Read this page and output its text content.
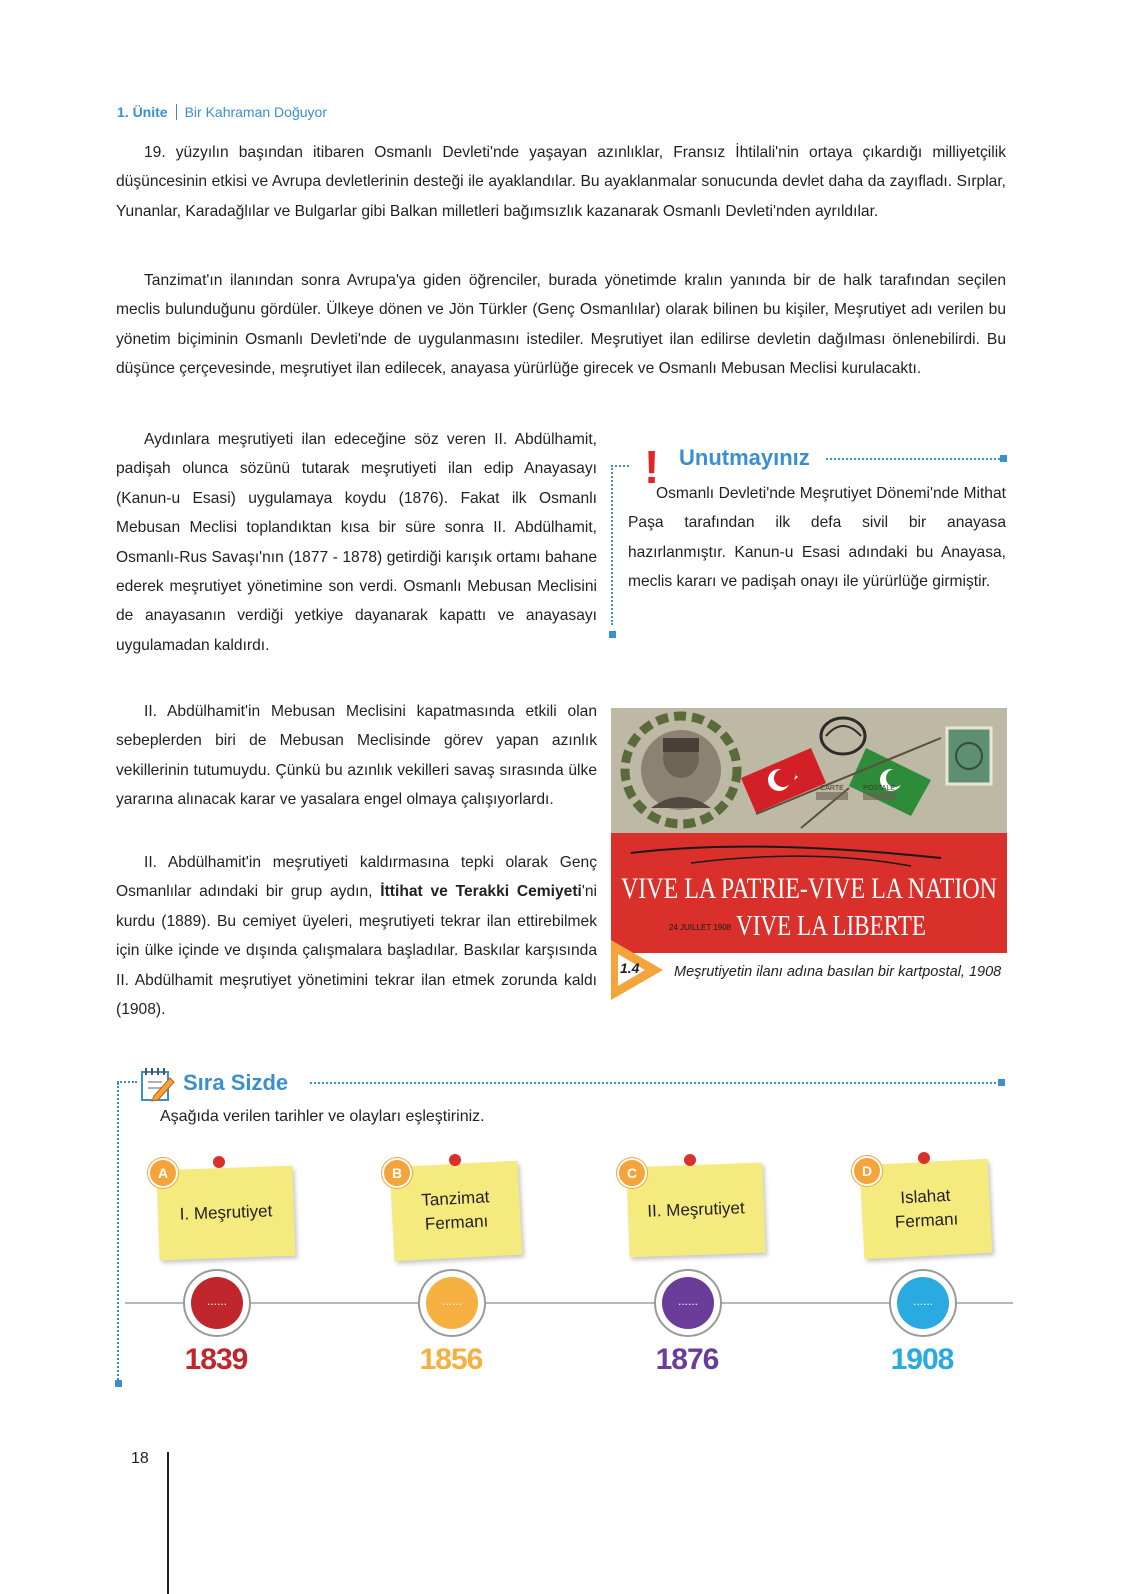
1. Ünite Bir Kahraman Doğuyor

19. yüzyılın başından itibaren Osmanlı Devleti'nde yaşayan azınlıklar, Fransız İhtilali'nin ortaya çıkardığı milliyetçilik düşüncesinin etkisi ve Avrupa devletlerinin desteği ile ayaklandılar. Bu ayaklanmalar sonucunda devlet daha da zayıfladı. Sırplar, Yunanlar, Karadağlılar ve Bulgarlar gibi Balkan milletleri bağımsızlık kazanarak Osmanlı Devleti'nden ayrıldılar.

Tanzimat'ın ilanından sonra Avrupa'ya giden öğrenciler, burada yönetimde kralın yanında bir de halk tarafından seçilen meclis bulunduğunu gördüler. Ülkeye dönen ve Jön Türkler (Genç Osmanlılar) olarak bilinen bu kişiler, Meşrutiyet adı verilen bu yönetim biçiminin Osmanlı Devleti'nde de uygulanmasını istediler. Meşrutiyet ilan edilirse devletin dağılması önlenebilirdi. Bu düşünce çerçevesinde, meşrutiyet ilan edilecek, anayasa yürürlüğe girecek ve Osmanlı Mebusan Meclisi kurulacaktı.

Aydınlara meşrutiyeti ilan edeceğine söz veren II. Abdülhamit, padişah olunca sözünü tutarak meşrutiyeti ilan edip Anayasayı (Kanun-u Esasi) uygulamaya koydu (1876). Fakat ilk Osmanlı Mebusan Meclisi toplandıktan kısa bir süre sonra II. Abdülhamit, Osmanlı-Rus Savaşı'nın (1877 - 1878) getirdiği karışık ortamı bahane ederek meşrutiyet yönetimine son verdi. Osmanlı Mebusan Meclisini de anayasanın verdiği yetkiye dayanarak kapattı ve anayasayı uygulamadan kaldırdı.

II. Abdülhamit'in Mebusan Meclisini kapatmasında etkili olan sebeplerden biri de Mebusan Meclisinde görev yapan azınlık vekillerinin tutumuydu. Çünkü bu azınlık vekilleri savaş sırasında ülke yararına alınacak karar ve yasalara engel olmaya çalışıyorlardı.

II. Abdülhamit'in meşrutiyeti kaldırmasına tepki olarak Genç Osmanlılar adındaki bir grup aydın, İttihat ve Terakki Cemiyeti'ni kurdu (1889). Bu cemiyet üyeleri, meşrutiyeti tekrar ilan ettirebilmek için ülke içinde ve dışında çalışmalara başladılar. Baskılar karşısında II. Abdülhamit meşrutiyet yönetimini tekrar ilan etmek zorunda kaldı (1908).

! Unutmayınız

Osmanlı Devleti'nde Meşrutiyet Dönemi'nde Mithat Paşa tarafından ilk defa sivil bir anayasa hazırlanmıştır. Kanun-u Esasi adındaki bu Anayasa, meclis kararı ve padişah onayı ile yürürlüğe girmiştir.

CARTE	POSTALE
VIVE LA PATRIE-VIVE LA NATION
VIVE LA LIBERTE
24 JUILLET 1908
1.4 Meşrutiyetin ilanı adına basılan bir kartpostal, 1908
Sıra Sizde
Aşağıda verilen tarihler ve olayları eşleştiriniz.
I. Meşrutiyet
A
Tanzimat Fermanı
B
II. Meşrutiyet
C
Islahat Fermanı
D
......
1839
......
1856
......
1876
......
1908
18
